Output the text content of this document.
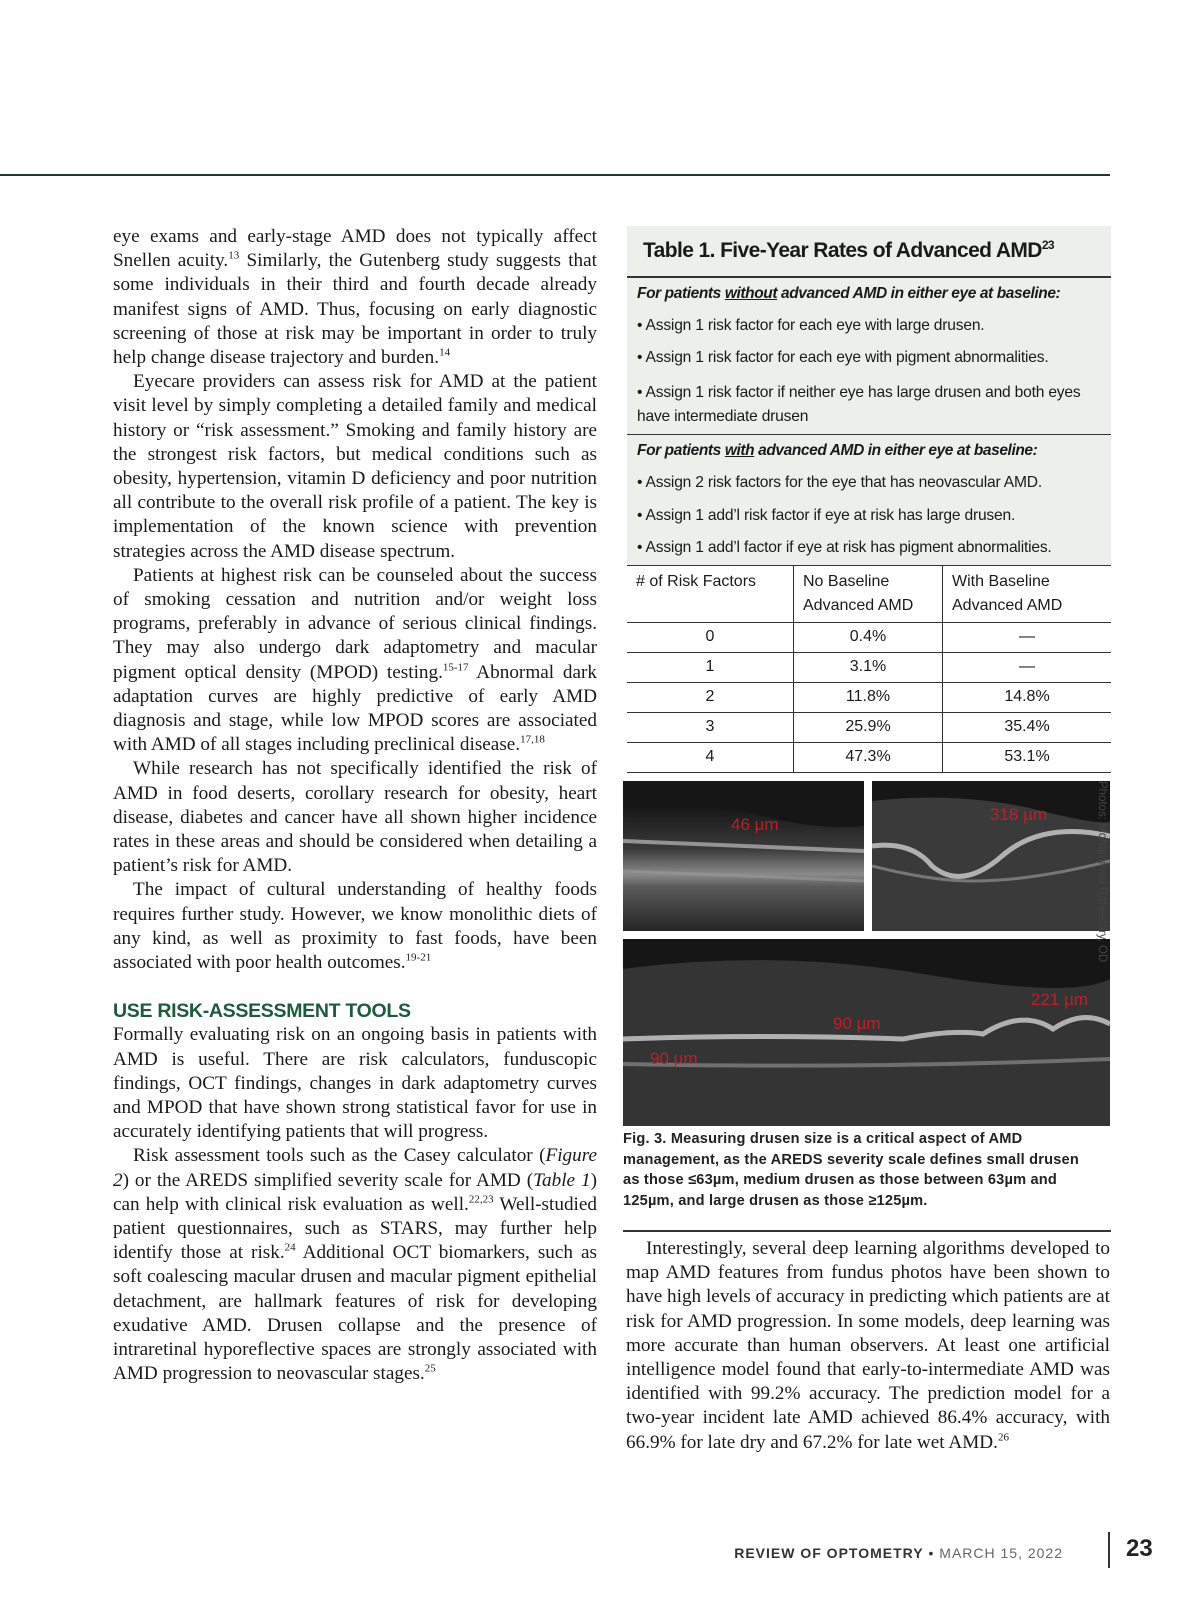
eye exams and early-stage AMD does not typically affect Snellen acuity.$^{13}$ Similarly, the Gutenberg study suggests that some individuals in their third and fourth decade already manifest signs of AMD. Thus, focusing on early diagnostic screening of those at risk may be important in order to truly help change disease trajectory and burden.$^{14}$

Eyecare providers can assess risk for AMD at the patient visit level by simply completing a detailed family and medical history or “risk assessment.” Smoking and family history are the strongest risk factors, but medical conditions such as obesity, hypertension, vitamin D deficiency and poor nutrition all contribute to the overall risk profile of a patient. The key is implementation of the known science with prevention strategies across the AMD disease spectrum.

Patients at highest risk can be counseled about the success of smoking cessation and nutrition and/or weight loss programs, preferably in advance of serious clinical findings. They may also undergo dark adaptometry and macular pigment optical density (MPOD) testing.$^{15-17}$ Abnormal dark adaptation curves are highly predictive of early AMD diagnosis and stage, while low MPOD scores are associated with AMD of all stages including preclinical disease.$^{17,18}$

While research has not specifically identified the risk of AMD in food deserts, corollary research for obesity, heart disease, diabetes and cancer have all shown higher incidence rates in these areas and should be considered when detailing a patient’s risk for AMD.

The impact of cultural understanding of healthy foods requires further study. However, we know monolithic diets of any kind, as well as proximity to fast foods, have been associated with poor health outcomes.$^{19-21}$

USE RISK-ASSESSMENT TOOLS

Formally evaluating risk on an ongoing basis in patients with AMD is useful. There are risk calculators, funduscopic findings, OCT findings, changes in dark adaptometry curves and MPOD that have shown strong statistical favor for use in accurately identifying patients that will progress.

Risk assessment tools such as the Casey calculator (Figure 2) or the AREDS simplified severity scale for AMD (Table 1) can help with clinical risk evaluation as well.$^{22,23}$ Well-studied patient questionnaires, such as STARS, may further help identify those at risk.$^{24}$ Additional OCT biomarkers, such as soft coalescing macular drusen and macular pigment epithelial detachment, are hallmark features of risk for developing exudative AMD. Drusen collapse and the presence of intraretinal hyporeflective spaces are strongly associated with AMD progression to neovascular stages.$^{25}$

Table 1. Five-Year Rates of Advanced AMD$^{23}$
For patients without advanced AMD in either eye at baseline:
• Assign 1 risk factor for each eye with large drusen.
• Assign 1 risk factor for each eye with pigment abnormalities.
• Assign 1 risk factor if neither eye has large drusen and both eyes have intermediate drusen
For patients with advanced AMD in either eye at baseline:
• Assign 2 risk factors for the eye that has neovascular AMD.
• Assign 1 add’l risk factor if eye at risk has large drusen.
• Assign 1 add’l factor if eye at risk has pigment abnormalities.
# of Risk Factors	No Baseline Advanced AMD	With Baseline Advanced AMD
0	0.4%	—
1	3.1%	—
2	11.8%	14.8%
3	25.9%	35.4%
4	47.3%	53.1%
46 µm
318 µm
90 µm
90 µm
221 µm
Photos: Mohammad Rafieetary, OD
Fig. 3. Measuring drusen size is a critical aspect of AMD management, as the AREDS severity scale defines small drusen as those ≤63µm, medium drusen as those between 63µm and 125µm, and large drusen as those ≥125µm.

Interestingly, several deep learning algorithms developed to map AMD features from fundus photos have been shown to have high levels of accuracy in predicting which patients are at risk for AMD progression. In some models, deep learning was more accurate than human observers. At least one artificial intelligence model found that early-to-intermediate AMD was identified with 99.2% accuracy. The prediction model for a two-year incident late AMD achieved 86.4% accuracy, with 66.9% for late dry and 67.2% for late wet AMD.$^{26}$

REVIEW OF OPTOMETRY • MARCH 15, 2022	23
